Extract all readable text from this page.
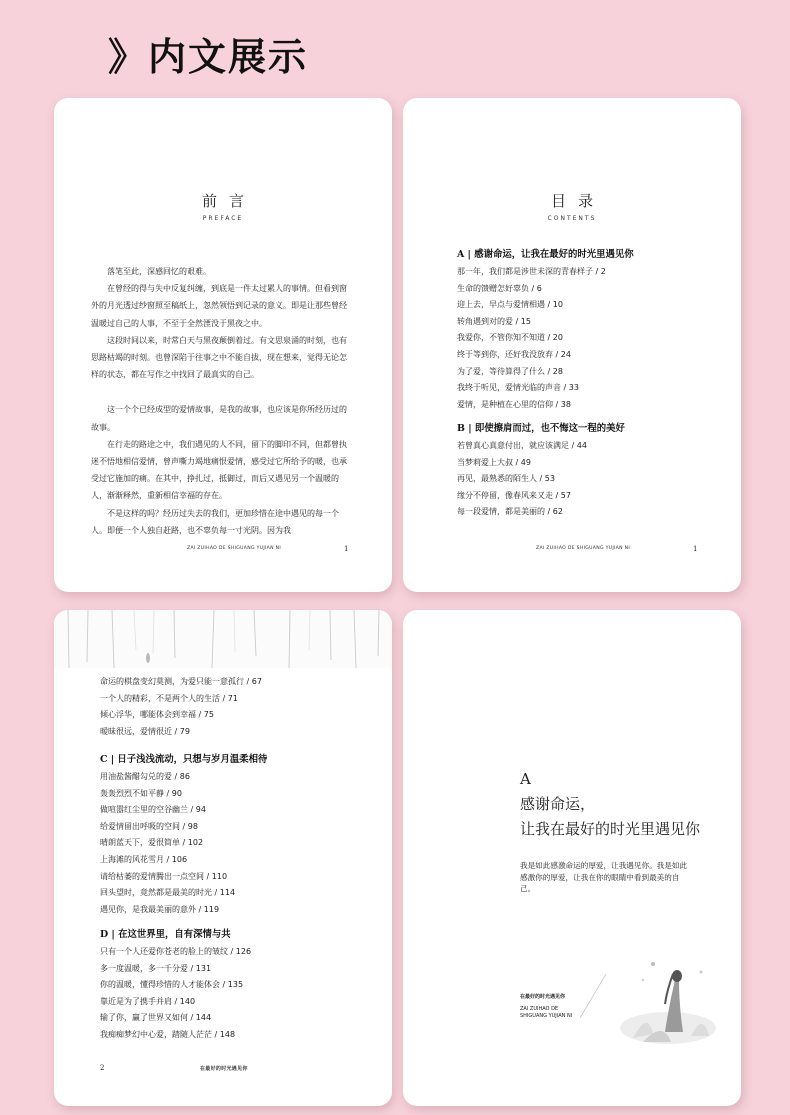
》内文展示
前言
PREFACE

落笔至此，深感回忆的艰难。

在曾经的得与失中反复纠缠，到底是一件太过累人的事情。但看到窗外的月光透过纱窗照至稿纸上，忽然领悟到记录的意义。即是让那些曾经温暖过自己的人事，不至于全然湮没于黑夜之中。

这段时间以来，时常白天与黑夜颠倒着过。有文思泉涌的时刻，也有思路枯竭的时刻。也曾深陷于往事之中不能自拔，现在想来，觉得无论怎样的状态，都在写作之中找回了最真实的自己。

这一个个已经成型的爱情故事，是我的故事，也应该是你所经历过的故事。

在行走的路途之中，我们遇见的人不同，留下的脚印不同，但都曾执迷不悟地相信爱情，曾声嘶力竭地痛恨爱情，感受过它所给予的暖，也承受过它施加的痛。在其中，挣扎过，抵御过，而后又遇见另一个温暖的人，渐渐释然，重新相信幸福的存在。

不是这样的吗？经历过失去的我们，更加珍惜在途中遇见的每一个人。即便一个人独自赶路，也不辜负每一寸光阴。因为我

ZAI ZUIHAO DE SHIGUANG YUJIAN NI	1
目录
CONTENTS

A | 感谢命运，让我在最好的时光里遇见你

那一年，我们都是涉世未深的青春样子 / 2

生命的馈赠怎好辜负 / 6

迎上去，早点与爱情相遇 / 10

转角遇到对的爱 / 15

我爱你，不管你知不知道 / 20

终于等到你，还好我没放弃 / 24

为了爱，等待算得了什么 / 28

我终于听见，爱情光临的声音 / 33

爱情，是种植在心里的信仰 / 38

B | 即使擦肩而过，也不悔这一程的美好

若曾真心真意付出，就应该满足 / 44

当梦莉爱上大叔 / 49

再见，最熟悉的陌生人 / 53

缘分不停留，像春风来又走 / 57

每一段爱情，都是美丽的 / 62

ZAI ZUIHAO DE SHIGUANG YUJIAN NI	1

命运的棋盘变幻莫测，为爱只能一意孤行 / 67

一个人的精彩，不是两个人的生活 / 71

倾心浮华，哪能体会到幸福 / 75

暧昧很远，爱情很近 / 79

C | 日子浅浅流动，只想与岁月温柔相待

用油盐酱醋勾兑的爱 / 86

轰轰烈烈不如平静 / 90

做喧嚣红尘里的空谷幽兰 / 94

给爱情留出呼吸的空间 / 98

晴朗蓝天下，爱很简单 / 102

上海滩的风花雪月 / 106

请给枯萎的爱情腾出一点空间 / 110

回头望时，竟然都是最美的时光 / 114

遇见你，是我最美丽的意外 / 119

D | 在这世界里，自有深情与共

只有一个人还爱你苍老的脸上的皱纹 / 126

多一度温暖，多一千分爱 / 131

你的温暖，懂得珍惜的人才能体会 / 135

靠近是为了携手并肩 / 140

输了你，赢了世界又如何 / 144

我痴痴梦幻中心爱，踏随人茫茫 / 148

2	在最好的时光遇见你
A
感谢命运，
让我在最好的时光里遇见你
我是如此感激命运的厚爱，让我遇见你。我是如此感激你的厚爱，让我在你的眼睛中看到最美的自己。
在最好的时光遇见你
ZAI ZUIHAO DE
SHIGUANG YUJIAN NI
